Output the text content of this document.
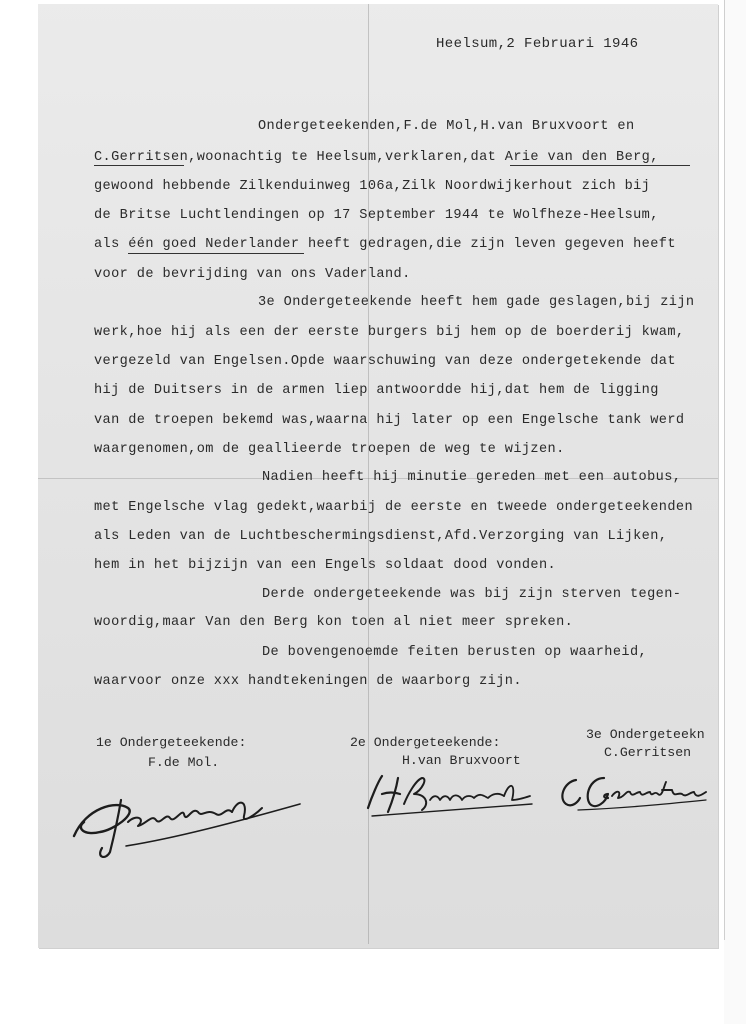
Heelsum,2 Februari 1946
Ondergeteekenden,F.de Mol,H.van Bruxvoort en
C.Gerritsen,woonachtig te Heelsum,verklaren,dat Arie van den Berg,
gewoond hebbende Zilkenduinweg 106a,Zilk Noordwijkerhout zich bij
de Britse Luchtlendingen op 17 September 1944 te Wolfheze-Heelsum,
als één goed Nederlander heeft gedragen,die zijn leven gegeven heeft
voor de bevrijding van ons Vaderland.
3e Ondergeteekende heeft hem gade geslagen,bij zijn
werk,hoe hij als een der eerste burgers bij hem op de boerderij kwam,
vergezeld van Engelsen.Opde waarschuwing van deze ondergetekende dat
hij de Duitsers in de armen liep antwoordde hij,dat hem de ligging
van de troepen bekemd was,waarna hij later op een Engelsche tank werd
waargenomen,om de geallieerde troepen de weg te wijzen.
Nadien heeft hij minutie gereden met een autobus,
met Engelsche vlag gedekt,waarbij de eerste en tweede ondergeteekenden
als Leden van de Luchtbeschermingsdienst,Afd.Verzorging van Lijken,
hem in het bijzijn van een Engels soldaat dood vonden.
Derde ondergeteekende was bij zijn sterven tegen-
woordig,maar Van den Berg kon toen al niet meer spreken.
De bovengenoemde feiten berusten op waarheid,
waarvoor onze xxx handtekeningen de waarborg zijn.
1e Ondergeteekende:
F.de Mol.
2e Ondergeteekende:
H.van Bruxvoort
3e Ondergeteekn
C.Gerritsen
